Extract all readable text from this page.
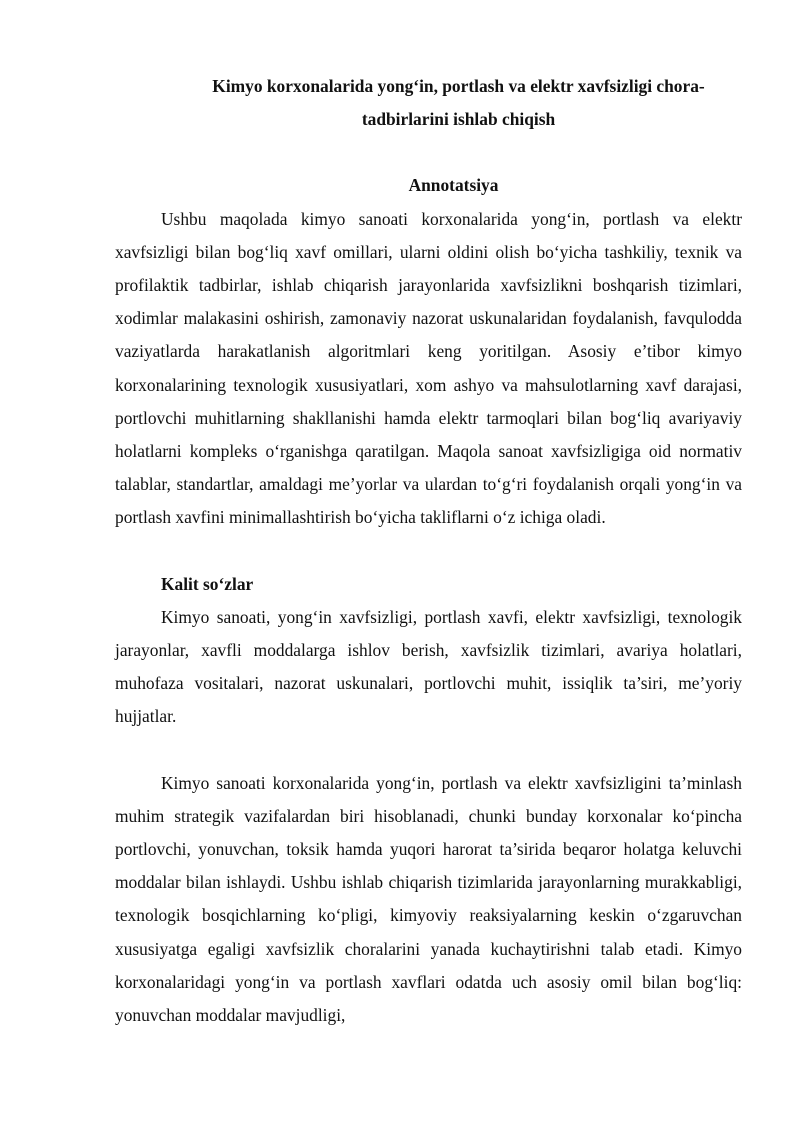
Kimyo korxonalarida yong‘in, portlash va elektr xavfsizligi chora-
tadbirlarini ishlab chiqish
Annotatsiya

Ushbu maqolada kimyo sanoati korxonalarida yong‘in, portlash va elektr xavfsizligi bilan bog‘liq xavf omillari, ularni oldini olish bo‘yicha tashkiliy, texnik va profilaktik tadbirlar, ishlab chiqarish jarayonlarida xavfsizlikni boshqarish tizimlari, xodimlar malakasini oshirish, zamonaviy nazorat uskunalaridan foydalanish, favqulodda vaziyatlarda harakatlanish algoritmlari keng yoritilgan. Asosiy e’tibor kimyo korxonalarining texnologik xususiyatlari, xom ashyo va mahsulotlarning xavf darajasi, portlovchi muhitlarning shakllanishi hamda elektr tarmoqlari bilan bog‘liq avariyaviy holatlarni kompleks o‘rganishga qaratilgan. Maqola sanoat xavfsizligiga oid normativ talablar, standartlar, amaldagi me’yorlar va ulardan to‘g‘ri foydalanish orqali yong‘in va portlash xavfini minimallashtirish bo‘yicha takliflarni o‘z ichiga oladi.

Kalit so‘zlar

Kimyo sanoati, yong‘in xavfsizligi, portlash xavfi, elektr xavfsizligi, texnologik jarayonlar, xavfli moddalarga ishlov berish, xavfsizlik tizimlari, avariya holatlari, muhofaza vositalari, nazorat uskunalari, portlovchi muhit, issiqlik ta’siri, me’yoriy hujjatlar.

Kimyo sanoati korxonalarida yong‘in, portlash va elektr xavfsizligini ta’minlash muhim strategik vazifalardan biri hisoblanadi, chunki bunday korxonalar ko‘pincha portlovchi, yonuvchan, toksik hamda yuqori harorat ta’sirida beqaror holatga keluvchi moddalar bilan ishlaydi. Ushbu ishlab chiqarish tizimlarida jarayonlarning murakkabligi, texnologik bosqichlarning ko‘pligi, kimyoviy reaksiyalarning keskin o‘zgaruvchan xususiyatga egaligi xavfsizlik choralarini yanada kuchaytirishni talab etadi. Kimyo korxonalaridagi yong‘in va portlash xavflari odatda uch asosiy omil bilan bog‘liq: yonuvchan moddalar mavjudligi,
